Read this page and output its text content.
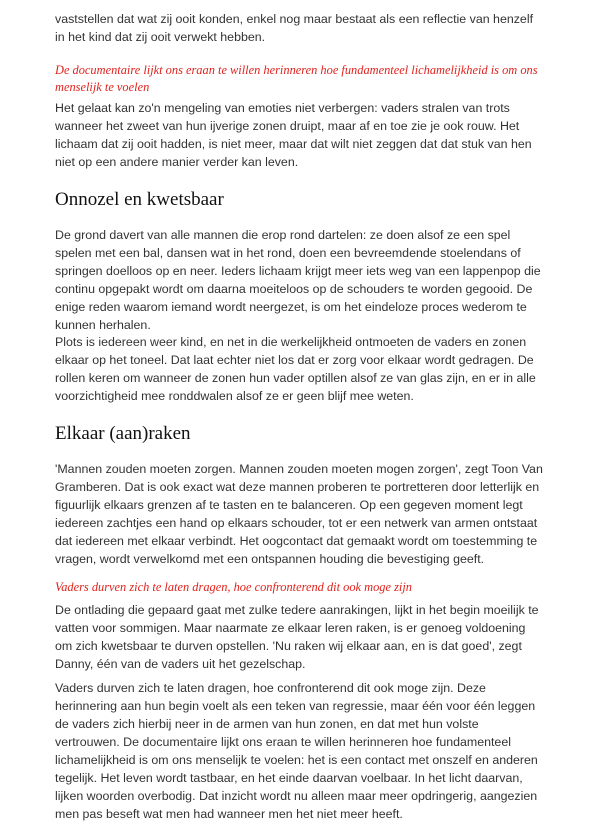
vaststellen dat wat zij ooit konden, enkel nog maar bestaat als een reflectie van henzelf in het kind dat zij ooit verwekt hebben.

De documentaire lijkt ons eraan te willen herinneren hoe fundamenteel lichamelijkheid is om ons menselijk te voelen

Het gelaat kan zo'n mengeling van emoties niet verbergen: vaders stralen van trots wanneer het zweet van hun ijverige zonen druipt, maar af en toe zie je ook rouw. Het lichaam dat zij ooit hadden, is niet meer, maar dat wilt niet zeggen dat dat stuk van hen niet op een andere manier verder kan leven.

Onnozel en kwetsbaar

De grond davert van alle mannen die erop rond dartelen: ze doen alsof ze een spel spelen met een bal, dansen wat in het rond, doen een bevreemdende stoelendans of springen doelloos op en neer. Ieders lichaam krijgt meer iets weg van een lappenpop die continu opgepakt wordt om daarna moeiteloos op de schouders te worden gegooid. De enige reden waarom iemand wordt neergezet, is om het eindeloze proces wederom te kunnen herhalen.

Plots is iedereen weer kind, en net in die werkelijkheid ontmoeten de vaders en zonen elkaar op het toneel. Dat laat echter niet los dat er zorg voor elkaar wordt gedragen. De rollen keren om wanneer de zonen hun vader optillen alsof ze van glas zijn, en er in alle voorzichtigheid mee ronddwalen alsof ze er geen blijf mee weten.

Elkaar (aan)raken

'Mannen zouden moeten zorgen. Mannen zouden moeten mogen zorgen', zegt Toon Van Gramberen. Dat is ook exact wat deze mannen proberen te portretteren door letterlijk en figuurlijk elkaars grenzen af te tasten en te balanceren. Op een gegeven moment legt iedereen zachtjes een hand op elkaars schouder, tot er een netwerk van armen ontstaat dat iedereen met elkaar verbindt. Het oogcontact dat gemaakt wordt om toestemming te vragen, wordt verwelkomd met een ontspannen houding die bevestiging geeft.

Vaders durven zich te laten dragen, hoe confronterend dit ook moge zijn

De ontlading die gepaard gaat met zulke tedere aanrakingen, lijkt in het begin moeilijk te vatten voor sommigen. Maar naarmate ze elkaar leren raken, is er genoeg voldoening om zich kwetsbaar te durven opstellen. 'Nu raken wij elkaar aan, en is dat goed', zegt Danny, één van de vaders uit het gezelschap.

Vaders durven zich te laten dragen, hoe confronterend dit ook moge zijn. Deze herinnering aan hun begin voelt als een teken van regressie, maar één voor één leggen de vaders zich hierbij neer in de armen van hun zonen, en dat met hun volste vertrouwen. De documentaire lijkt ons eraan te willen herinneren hoe fundamenteel lichamelijkheid is om ons menselijk te voelen: het is een contact met onszelf en anderen tegelijk. Het leven wordt tastbaar, en het einde daarvan voelbaar. In het licht daarvan, lijken woorden overbodig. Dat inzicht wordt nu alleen maar meer opdringerig, aangezien men pas beseft wat men had wanneer men het niet meer heeft.
